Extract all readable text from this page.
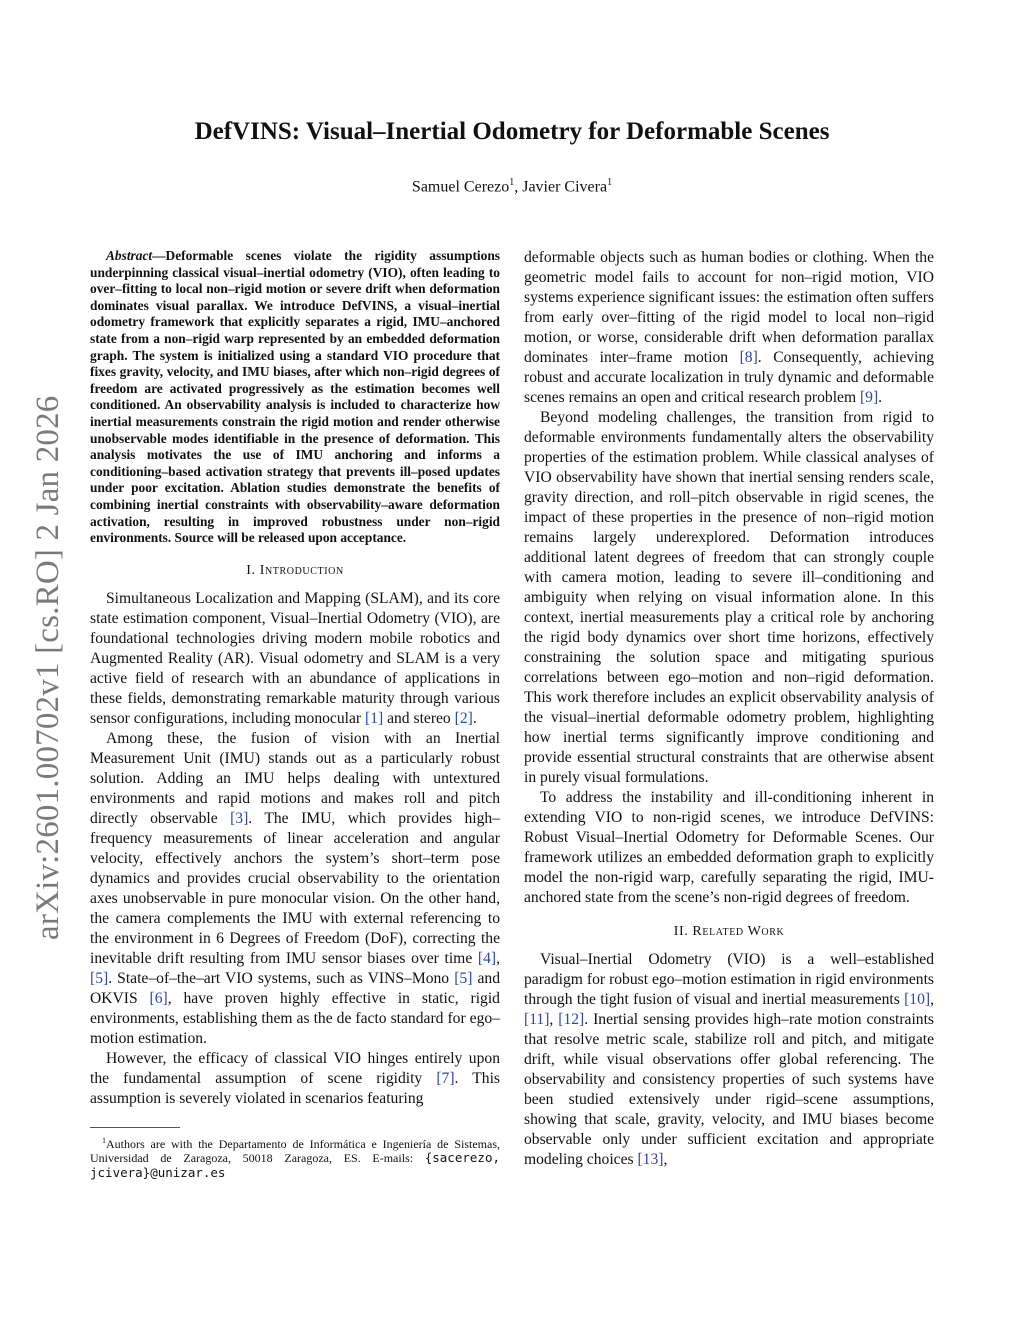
arXiv:2601.00702v1 [cs.RO] 2 Jan 2026
DefVINS: Visual–Inertial Odometry for Deformable Scenes
Samuel Cerezo$^1$, Javier Civera$^1$

Abstract—Deformable scenes violate the rigidity assumptions underpinning classical visual–inertial odometry (VIO), often leading to over–fitting to local non–rigid motion or severe drift when deformation dominates visual parallax. We introduce DefVINS, a visual–inertial odometry framework that explicitly separates a rigid, IMU–anchored state from a non–rigid warp represented by an embedded deformation graph. The system is initialized using a standard VIO procedure that fixes gravity, velocity, and IMU biases, after which non–rigid degrees of freedom are activated progressively as the estimation becomes well conditioned. An observability analysis is included to characterize how inertial measurements constrain the rigid motion and render otherwise unobservable modes identifiable in the presence of deformation. This analysis motivates the use of IMU anchoring and informs a conditioning–based activation strategy that prevents ill–posed updates under poor excitation. Ablation studies demonstrate the benefits of combining inertial constraints with observability–aware deformation activation, resulting in improved robustness under non–rigid environments. Source will be released upon acceptance.

I. Introduction

Simultaneous Localization and Mapping (SLAM), and its core state estimation component, Visual–Inertial Odometry (VIO), are foundational technologies driving modern mobile robotics and Augmented Reality (AR). Visual odometry and SLAM is a very active field of research with an abundance of applications in these fields, demonstrating remarkable maturity through various sensor configurations, including monocular [1] and stereo [2].

Among these, the fusion of vision with an Inertial Measurement Unit (IMU) stands out as a particularly robust solution. Adding an IMU helps dealing with untextured environments and rapid motions and makes roll and pitch directly observable [3]. The IMU, which provides high–frequency measurements of linear acceleration and angular velocity, effectively anchors the system’s short–term pose dynamics and provides crucial observability to the orientation axes unobservable in pure monocular vision. On the other hand, the camera complements the IMU with external referencing to the environment in 6 Degrees of Freedom (DoF), correcting the inevitable drift resulting from IMU sensor biases over time [4], [5]. State–of–the–art VIO systems, such as VINS–Mono [5] and OKVIS [6], have proven highly effective in static, rigid environments, establishing them as the de facto standard for ego–motion estimation.

However, the efficacy of classical VIO hinges entirely upon the fundamental assumption of scene rigidity [7]. This assumption is severely violated in scenarios featuring

$^1$Authors are with the Departamento de Informática e Ingeniería de Sistemas, Universidad de Zaragoza, 50018 Zaragoza, ES. E-mails: {sacerezo, jcivera}@unizar.es

deformable objects such as human bodies or clothing. When the geometric model fails to account for non–rigid motion, VIO systems experience significant issues: the estimation often suffers from early over–fitting of the rigid model to local non–rigid motion, or worse, considerable drift when deformation parallax dominates inter–frame motion [8]. Consequently, achieving robust and accurate localization in truly dynamic and deformable scenes remains an open and critical research problem [9].

Beyond modeling challenges, the transition from rigid to deformable environments fundamentally alters the observability properties of the estimation problem. While classical analyses of VIO observability have shown that inertial sensing renders scale, gravity direction, and roll–pitch observable in rigid scenes, the impact of these properties in the presence of non–rigid motion remains largely underexplored. Deformation introduces additional latent degrees of freedom that can strongly couple with camera motion, leading to severe ill–conditioning and ambiguity when relying on visual information alone. In this context, inertial measurements play a critical role by anchoring the rigid body dynamics over short time horizons, effectively constraining the solution space and mitigating spurious correlations between ego–motion and non–rigid deformation. This work therefore includes an explicit observability analysis of the visual–inertial deformable odometry problem, highlighting how inertial terms significantly improve conditioning and provide essential structural constraints that are otherwise absent in purely visual formulations.

To address the instability and ill-conditioning inherent in extending VIO to non-rigid scenes, we introduce DefVINS: Robust Visual–Inertial Odometry for Deformable Scenes. Our framework utilizes an embedded deformation graph to explicitly model the non-rigid warp, carefully separating the rigid, IMU-anchored state from the scene’s non-rigid degrees of freedom.

II. Related Work

Visual–Inertial Odometry (VIO) is a well–established paradigm for robust ego–motion estimation in rigid environments through the tight fusion of visual and inertial measurements [10], [11], [12]. Inertial sensing provides high–rate motion constraints that resolve metric scale, stabilize roll and pitch, and mitigate drift, while visual observations offer global referencing. The observability and consistency properties of such systems have been studied extensively under rigid–scene assumptions, showing that scale, gravity, velocity, and IMU biases become observable only under sufficient excitation and appropriate modeling choices [13],
